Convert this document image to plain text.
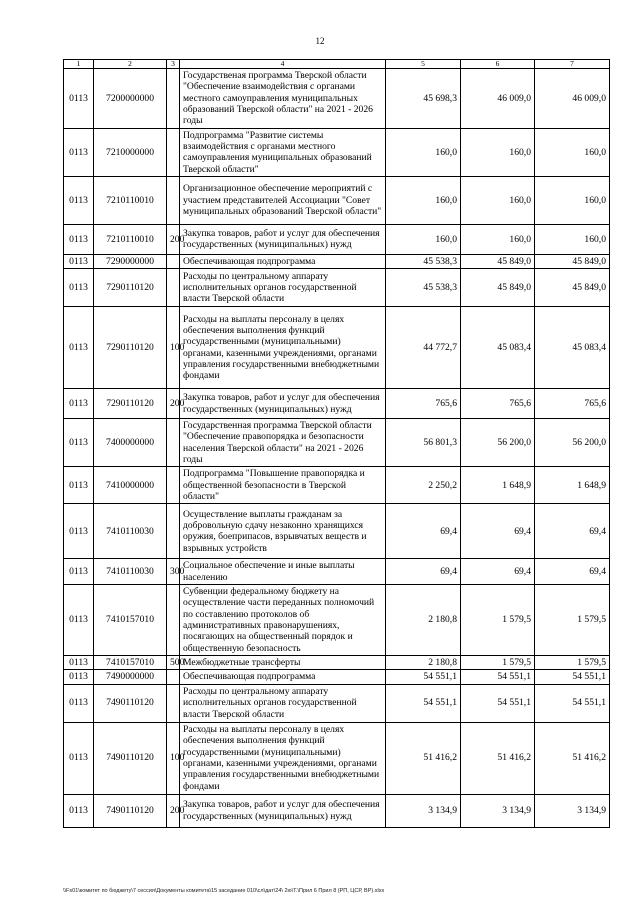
12
1	2	3	4	5	6	7
0113	7200000000		Государственая программа Тверской области "Обеспечение взаимодействия с органами местного самоуправления муниципальных образований Тверской области" на 2021 - 2026 годы	45 698,3	46 009,0	46 009,0
0113	7210000000		Подпрограмма "Развитие системы взаимодействия с органами местного самоуправления муниципальных образований Тверской области"	160,0	160,0	160,0
0113	7210110010		Организационное обеспечение мероприятий с участием представителей Ассоциации "Совет муниципальных образований Тверской области"	160,0	160,0	160,0
0113	7210110010	200	Закупка товаров, работ и услуг для обеспечения государственных (муниципальных) нужд	160,0	160,0	160,0
0113	7290000000		Обеспечивающая подпрограмма	45 538,3	45 849,0	45 849,0
0113	7290110120		Расходы по центральному аппарату исполнительных органов государственной власти Тверской области	45 538,3	45 849,0	45 849,0
0113	7290110120	100	Расходы на выплаты персоналу в целях обеспечения выполнения функций государственными (муниципальными) органами, казенными учреждениями, органами управления государственными внебюджетными фондами	44 772,7	45 083,4	45 083,4
0113	7290110120	200	Закупка товаров, работ и услуг для обеспечения государственных (муниципальных) нужд	765,6	765,6	765,6
0113	7400000000		Государственная программа Тверской области "Обеспечение правопорядка и безопасности населения Тверской области" на 2021 - 2026 годы	56 801,3	56 200,0	56 200,0
0113	7410000000		Подпрограмма "Повышение правопорядка и общественной безопасности в Тверской области"	2 250,2	1 648,9	1 648,9
0113	7410110030		Осуществление выплаты гражданам за добровольную сдачу незаконно хранящихся оружия, боеприпасов, взрывчатых веществ и взрывных устройств	69,4	69,4	69,4
0113	7410110030	300	Социальное обеспечение и иные выплаты населению	69,4	69,4	69,4
0113	7410157010		Субвенции федеральному бюджету на осуществление части переданных полномочий по составлению протоколов об административных правонарушениях, посягающих на общественный порядок и общественную безопасность	2 180,8	1 579,5	1 579,5
0113	7410157010	500	Межбюджетные трансферты	2 180,8	1 579,5	1 579,5
0113	7490000000		Обеспечивающая подпрограмма	54 551,1	54 551,1	54 551,1
0113	7490110120		Расходы по центральному аппарату исполнительных органов государственной власти Тверской области	54 551,1	54 551,1	54 551,1
0113	7490110120	100	Расходы на выплаты персоналу в целях обеспечения выполнения функций государственными (муниципальными) органами, казенными учреждениями, органами управления государственными внебюджетными фондами	51 416,2	51 416,2	51 416,2
0113	7490110120	200	Закупка товаров, работ и услуг для обеспечения государственных (муниципальных) нужд	3 134,9	3 134,9	3 134,9
\\Fs01\комитет по бюджету\7 сессия\Документы комитета\15 заседание 010\сл\дат\24\ 2ю\Т.\Прил 6 Прил 8 (РП, ЦСР, ВР).xlsx
